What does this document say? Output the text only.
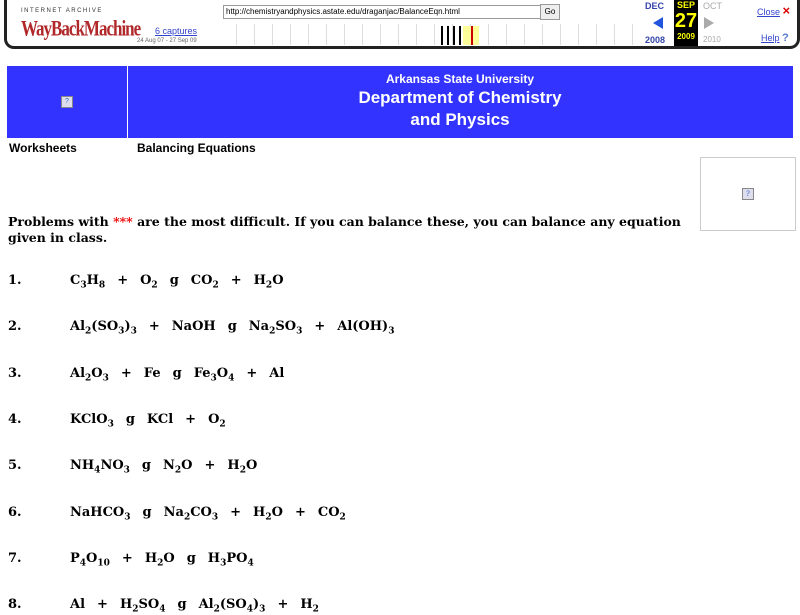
INTERNET ARCHIVE
WayBackMachine
http://chemistryandphysics.astate.edu/draganjac/BalanceEqn.html	Go
6 captures
24 Aug 07 - 27 Sep 09
DEC
2008
SEP
27
2009
OCT
2010
Close ×
Help ?
?
Arkansas State University
Department of Chemistry
and Physics
Worksheets	Balancing Equations
?
Problems with *** are the most difficult. If you can balance these, you can balance any equation given in class.
1.	$C_3H_8 + O_2$ g $CO_2 + H_2O$
2.	$Al_2(SO_3)_3$ + NaOH g $Na_2SO_3 + Al(OH)_3$
3.	$Al_2O_3 + Fe$ g $Fe_3O_4 + Al$
4.	KClO$_3$ g KCl + $O_2$
5.	$NH_4NO_3$ g $N_2O + H_2O$
6.	NaHCO$_3$ g $Na_2CO_3 + H_2O + CO_2$
7.	$P_4O_{10} + H_2O$ g $H_3PO_4$
8.	$Al + H_2SO_4$ g $Al_2(SO_4)_3 + H_2$
